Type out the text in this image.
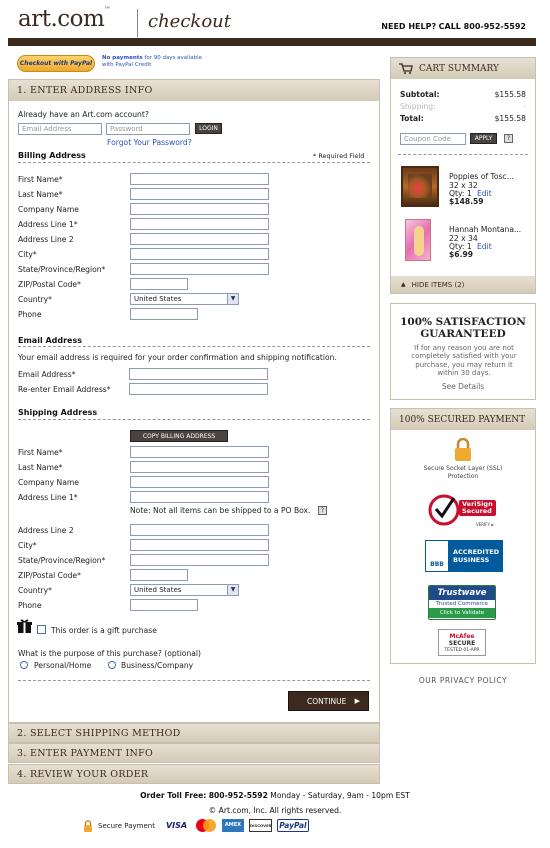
art.com™
checkout	NEED HELP? CALL 800-952-5592
Checkout with PayPal
No payments for 90 days available with PayPal Credit
1. ENTER ADDRESS INFO
Already have an Art.com account?
Email Address	Password	LOGIN
Forgot Your Password?
Billing Address	* Required Field
First Name*
Last Name*
Company Name
Address Line 1*
Address Line 2
City*
State/Province/Region*
ZIP/Postal Code*
Country*	United States	▼
Phone
Email Address
Your email address is required for your order confirmation and shipping notification.
Email Address*
Re-enter Email Address*
Shipping Address
COPY BILLING ADDRESS
First Name*
Last Name*
Company Name
Address Line 1*
Note: Not all items can be shipped to a PO Box.	?
Address Line 2
City*
State/Province/Region*
ZIP/Postal Code*
Country*	United States	▼
Phone
This order is a gift purchase
What is the purpose of this purchase? (optional)
Personal/Home	Business/Company
CONTINUE ▶
2. SELECT SHIPPING METHOD
3. ENTER PAYMENT INFO
4. REVIEW YOUR ORDER
CART SUMMARY
Subtotal:	$155.58
Shipping:	-
Total:	$155.58
Coupon Code	APPLY	?
Poppies of Tosc...
32 x 32
Qty: 1 Edit
$148.59
Hannah Montana...
22 x 34
Qty: 1 Edit
$6.99
▲ HIDE ITEMS (2)
100% SATISFACTION
GUARANTEED
If for any reason you are not completely satisfied with your purchase, you may return it within 30 days.
See Details
100% SECURED PAYMENT
Secure Socket Layer (SSL) Protection
VeriSign
Secured
VERIFY ►
BBB
ACCREDITED
BUSINESS
Trustwave
Trusted Commerce
Click to Validate
McAfee
SECURE
TESTED 01-APR
OUR PRIVACY POLICY
Order Toll Free: 800-952-5592 Monday - Saturday, 9am - 10pm EST
© Art.com, Inc. All rights reserved.
Secure Payment VISA	AMEX	DISCOVER	PayPal
